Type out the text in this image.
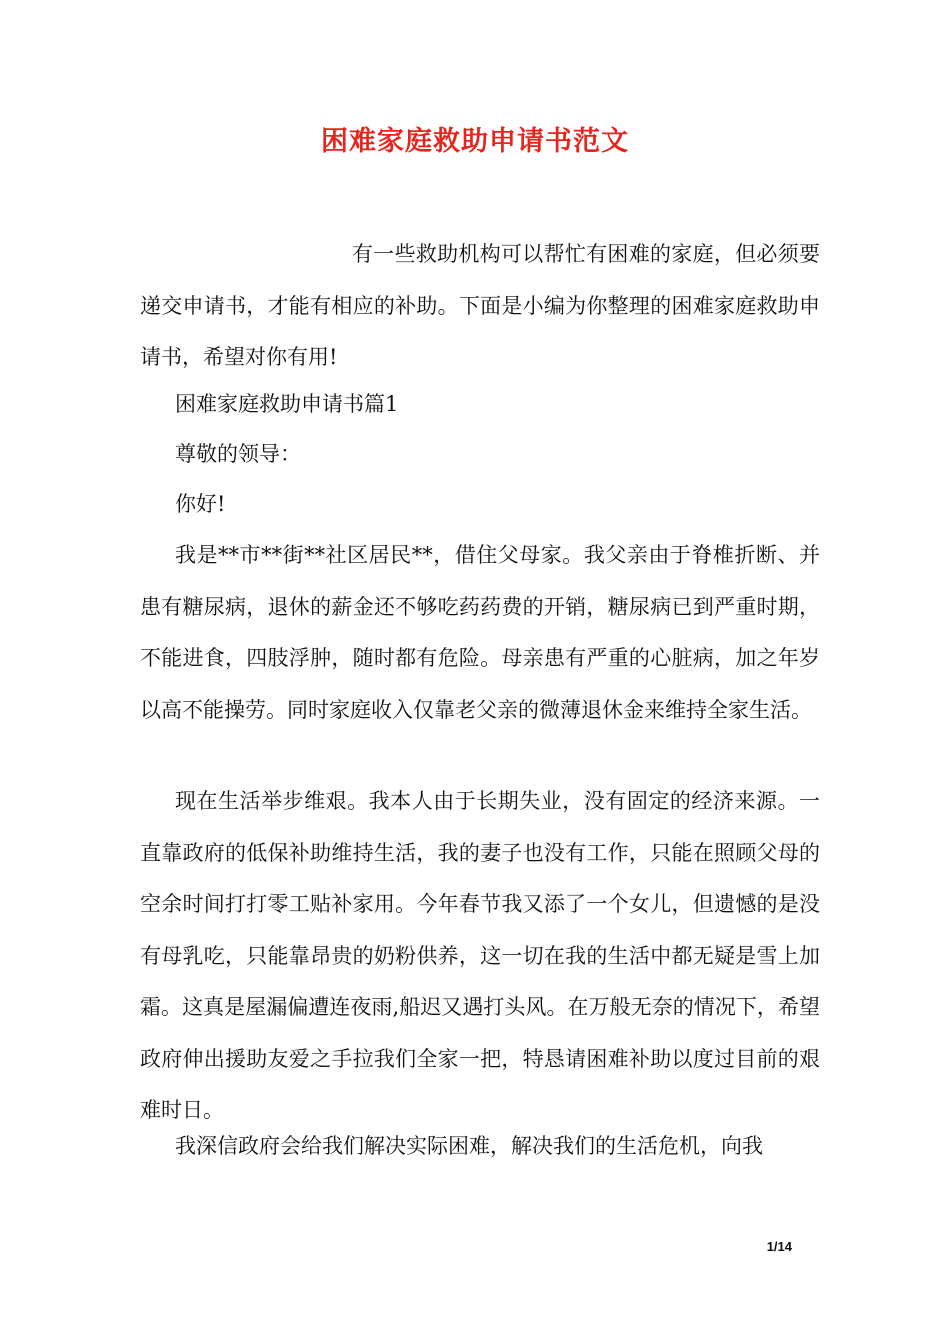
困难家庭救助申请书范文
有一些救助机构可以帮忙有困难的家庭，但必须要递交申请书，才能有相应的补助。下面是小编为你整理的困难家庭救助申请书，希望对你有用!
困难家庭救助申请书篇1
尊敬的领导：
你好!
我是**市**街**社区居民**，借住父母家。我父亲由于脊椎折断、并患有糖尿病，退休的薪金还不够吃药药费的开销，糖尿病已到严重时期，不能进食，四肢浮肿，随时都有危险。母亲患有严重的心脏病，加之年岁以高不能操劳。同时家庭收入仅靠老父亲的微薄退休金来维持全家生活。
现在生活举步维艰。我本人由于长期失业，没有固定的经济来源。一直靠政府的低保补助维持生活，我的妻子也没有工作，只能在照顾父母的空余时间打打零工贴补家用。今年春节我又添了一个女儿，但遗憾的是没有母乳吃，只能靠昂贵的奶粉供养，这一切在我的生活中都无疑是雪上加霜。这真是屋漏偏遭连夜雨,船迟又遇打头风。在万般无奈的情况下，希望政府伸出援助友爱之手拉我们全家一把，特恳请困难补助以度过目前的艰难时日。
我深信政府会给我们解决实际困难，解决我们的生活危机，向我
1/14
